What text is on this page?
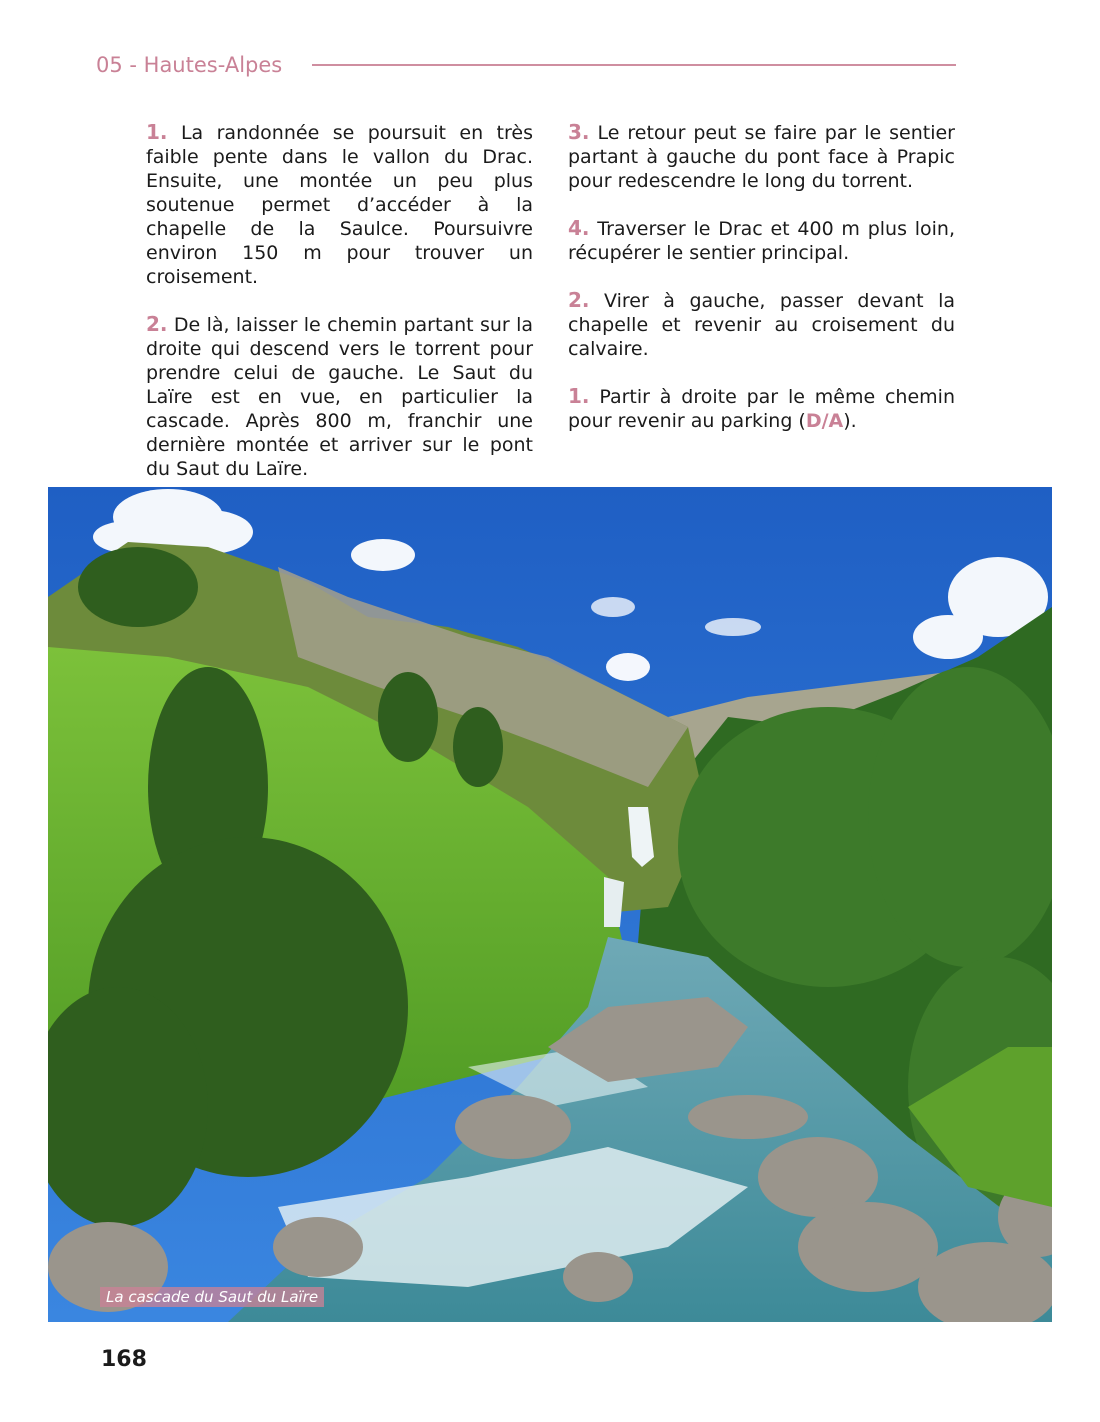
05 - Hautes-Alpes

1. La randonnée se poursuit en très faible pente dans le vallon du Drac. Ensuite, une montée un peu plus soutenue permet d’accéder à la chapelle de la Saulce. Poursuivre environ 150 m pour trouver un croisement.

2. De là, laisser le chemin partant sur la droite qui descend vers le torrent pour prendre celui de gauche. Le Saut du Laïre est en vue, en particulier la cascade. Après 800 m, franchir une dernière montée et arriver sur le pont du Saut du Laïre.

3. Le retour peut se faire par le sentier partant à gauche du pont face à Prapic pour redescendre le long du torrent.

4. Traverser le Drac et 400 m plus loin, récupérer le sentier principal.

2. Virer à gauche, passer devant la chapelle et revenir au croisement du calvaire.

1. Partir à droite par le même chemin pour revenir au parking (D/A).

La cascade du Saut du Laïre
168
